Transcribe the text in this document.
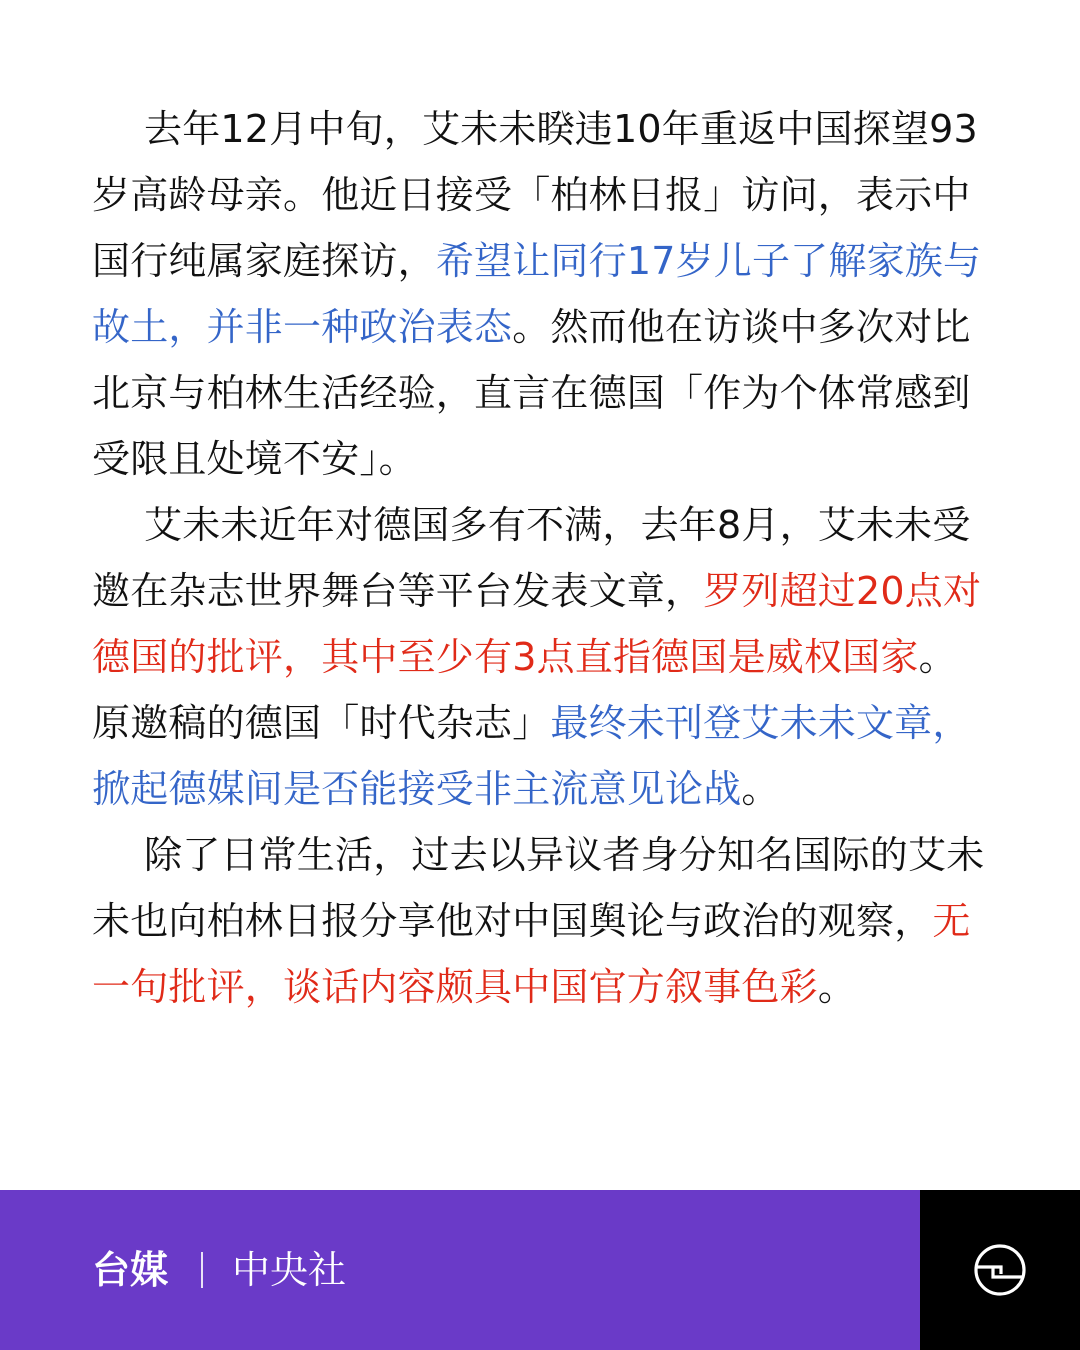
去年12月中旬，艾未未睽违10年重返中国探望93岁高龄母亲。他近日接受「柏林日报」访问，表示中国行纯属家庭探访，希望让同行17岁儿子了解家族与故土，并非一种政治表态。然而他在访谈中多次对比北京与柏林生活经验，直言在德国「作为个体常感到受限且处境不安」。

艾未未近年对德国多有不满，去年8月，艾未未受邀在杂志世界舞台等平台发表文章，罗列超过20点对德国的批评，其中至少有3点直指德国是威权国家。原邀稿的德国「时代杂志」最终未刊登艾未未文章，掀起德媒间是否能接受非主流意见论战。

除了日常生活，过去以异议者身分知名国际的艾未未也向柏林日报分享他对中国舆论与政治的观察，无一句批评，谈话内容颇具中国官方叙事色彩。

台媒 中央社
